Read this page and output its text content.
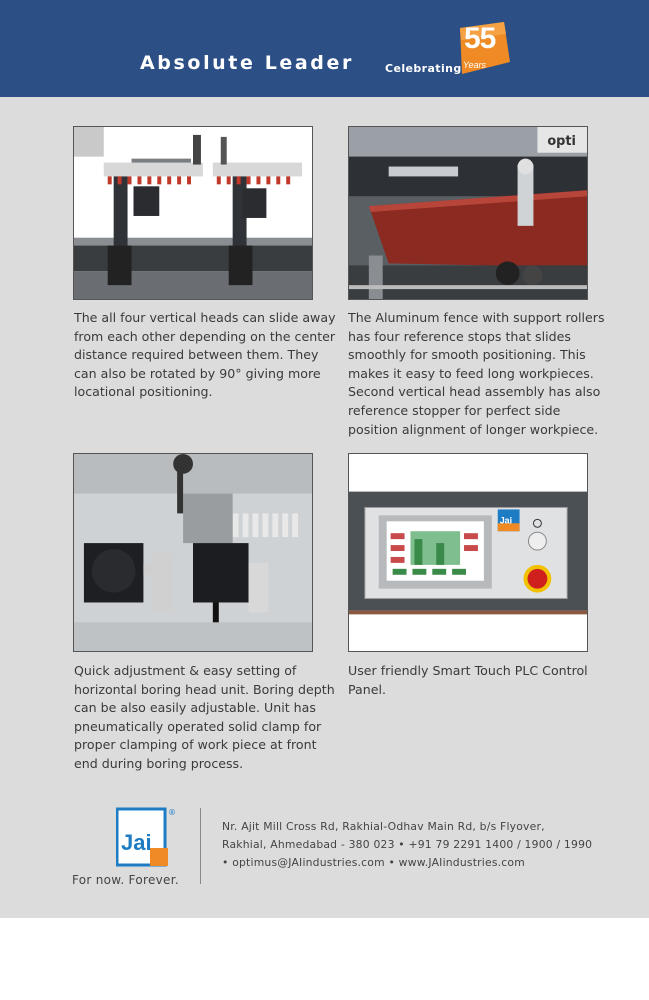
Absolute Leader	Celebrating
55
Years
opti
The all four vertical heads can slide away from each other depending on the center distance required between them. They can also be rotated by 90° giving more locational positioning.
The Aluminum fence with support rollers has four reference stops that slides smoothly for smooth positioning. This makes it easy to feed long workpieces. Second vertical head assembly has also reference stopper for perfect side position alignment of longer workpiece.
Jai
Quick adjustment & easy setting of horizontal boring head unit. Boring depth can be also easily adjustable. Unit has pneumatically operated solid clamp for proper clamping of work piece at front end during boring process.
User friendly Smart Touch PLC Control Panel.
Jai
®
For now. Forever.
Nr. Ajit Mill Cross Rd, Rakhial-Odhav Main Rd, b/s Flyover,
Rakhial, Ahmedabad - 380 023 • +91 79 2291 1400 / 1900 / 1990
• optimus@JAIindustries.com • www.JAIindustries.com
